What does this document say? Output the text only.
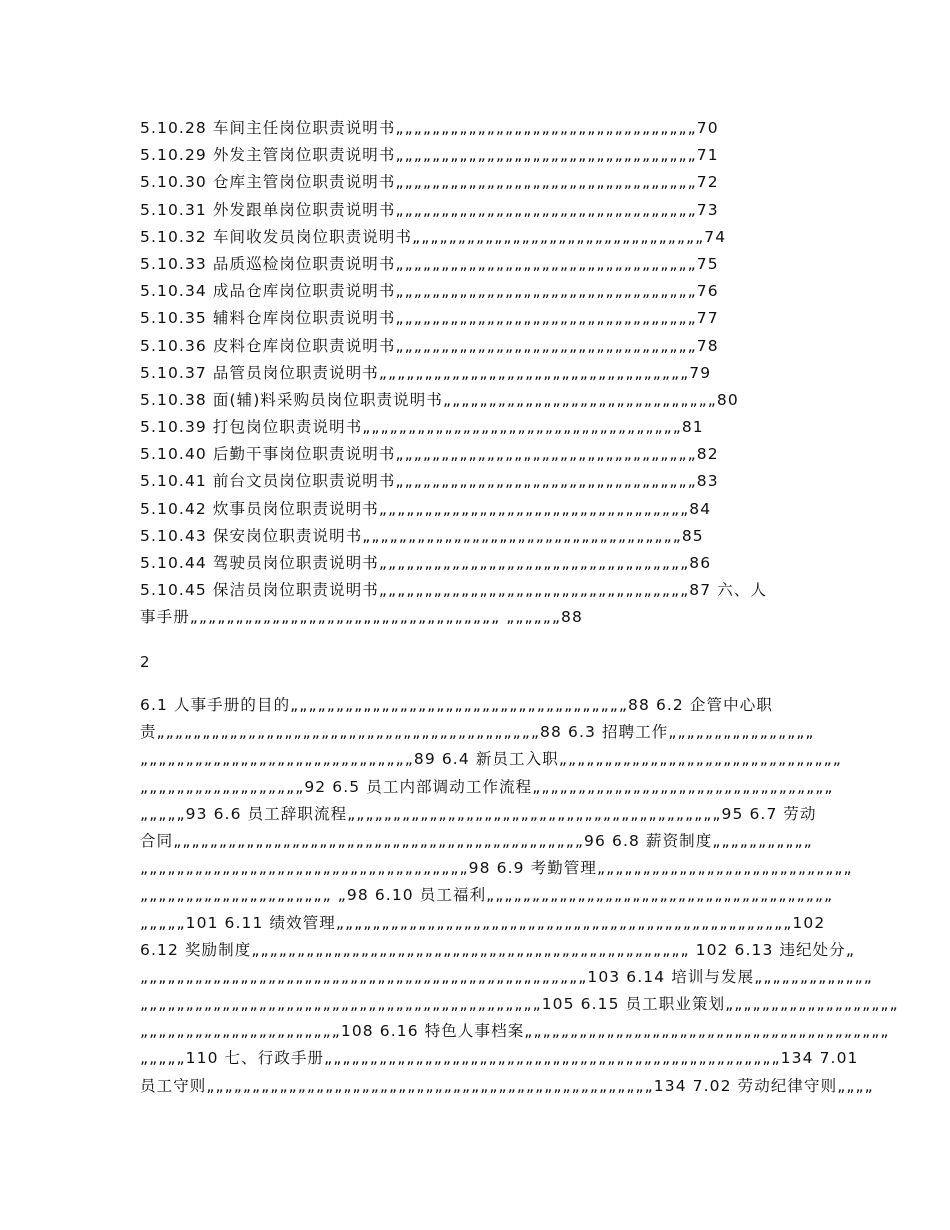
5.10.28 车间主任岗位职责说明书„„„„„„„„„„„„„„„„„„„„„„„„„„„„„„„„„70
5.10.29 外发主管岗位职责说明书„„„„„„„„„„„„„„„„„„„„„„„„„„„„„„„„„71
5.10.30 仓库主管岗位职责说明书„„„„„„„„„„„„„„„„„„„„„„„„„„„„„„„„„72
5.10.31 外发跟单岗位职责说明书„„„„„„„„„„„„„„„„„„„„„„„„„„„„„„„„„73
5.10.32 车间收发员岗位职责说明书„„„„„„„„„„„„„„„„„„„„„„„„„„„„„„„„74
5.10.33 品质巡检岗位职责说明书„„„„„„„„„„„„„„„„„„„„„„„„„„„„„„„„„75
5.10.34 成品仓库岗位职责说明书„„„„„„„„„„„„„„„„„„„„„„„„„„„„„„„„„76
5.10.35 辅料仓库岗位职责说明书„„„„„„„„„„„„„„„„„„„„„„„„„„„„„„„„„77
5.10.36 皮料仓库岗位职责说明书„„„„„„„„„„„„„„„„„„„„„„„„„„„„„„„„„78
5.10.37 品管员岗位职责说明书„„„„„„„„„„„„„„„„„„„„„„„„„„„„„„„„„„79
5.10.38 面(辅)料采购员岗位职责说明书„„„„„„„„„„„„„„„„„„„„„„„„„„„„„„80
5.10.39 打包岗位职责说明书„„„„„„„„„„„„„„„„„„„„„„„„„„„„„„„„„„„81
5.10.40 后勤干事岗位职责说明书„„„„„„„„„„„„„„„„„„„„„„„„„„„„„„„„„82
5.10.41 前台文员岗位职责说明书„„„„„„„„„„„„„„„„„„„„„„„„„„„„„„„„„83
5.10.42 炊事员岗位职责说明书„„„„„„„„„„„„„„„„„„„„„„„„„„„„„„„„„„84
5.10.43 保安岗位职责说明书„„„„„„„„„„„„„„„„„„„„„„„„„„„„„„„„„„„85
5.10.44 驾驶员岗位职责说明书„„„„„„„„„„„„„„„„„„„„„„„„„„„„„„„„„„86
5.10.45 保洁员岗位职责说明书„„„„„„„„„„„„„„„„„„„„„„„„„„„„„„„„„„87 六、人
事手册„„„„„„„„„„„„„„„„„„„„„„„„„„„„„„„„„„ „„„„„„88
2
6.1 人事手册的目的„„„„„„„„„„„„„„„„„„„„„„„„„„„„„„„„„„„„„88 6.2 企管中心职
责„„„„„„„„„„„„„„„„„„„„„„„„„„„„„„„„„„„„„„„„„„88 6.3 招聘工作„„„„„„„„„„„„„„„„
„„„„„„„„„„„„„„„„„„„„„„„„„„„„„„89 6.4 新员工入职„„„„„„„„„„„„„„„„„„„„„„„„„„„„„„„
„„„„„„„„„„„„„„„„„„92 6.5 员工内部调动工作流程„„„„„„„„„„„„„„„„„„„„„„„„„„„„„„„„„
„„„„„93 6.6 员工辞职流程„„„„„„„„„„„„„„„„„„„„„„„„„„„„„„„„„„„„„„„„„95 6.7 劳动
合同„„„„„„„„„„„„„„„„„„„„„„„„„„„„„„„„„„„„„„„„„„„„„96 6.8 薪资制度„„„„„„„„„„„
„„„„„„„„„„„„„„„„„„„„„„„„„„„„„„„„„„„„98 6.9 考勤管理„„„„„„„„„„„„„„„„„„„„„„„„„„„„
„„„„„„„„„„„„„„„„„„„„„ „98 6.10 员工福利„„„„„„„„„„„„„„„„„„„„„„„„„„„„„„„„„„„„„„
„„„„„101 6.11 绩效管理„„„„„„„„„„„„„„„„„„„„„„„„„„„„„„„„„„„„„„„„„„„„„„„„„„102
6.12 奖励制度„„„„„„„„„„„„„„„„„„„„„„„„„„„„„„„„„„„„„„„„„„„„„„„„ 102 6.13 违纪处分„
„„„„„„„„„„„„„„„„„„„„„„„„„„„„„„„„„„„„„„„„„„„„„„„„„103 6.14 培训与发展„„„„„„„„„„„„„
„„„„„„„„„„„„„„„„„„„„„„„„„„„„„„„„„„„„„„„„„„„„105 6.15 员工职业策划„„„„„„„„„„„„„„„„„„„
„„„„„„„„„„„„„„„„„„„„„„108 6.16 特色人事档案„„„„„„„„„„„„„„„„„„„„„„„„„„„„„„„„„„„„„„„„
„„„„„110 七、行政手册„„„„„„„„„„„„„„„„„„„„„„„„„„„„„„„„„„„„„„„„„„„„„„„„„„134 7.01
员工守则„„„„„„„„„„„„„„„„„„„„„„„„„„„„„„„„„„„„„„„„„„„„„„„„„134 7.02 劳动纪律守则„„„„
